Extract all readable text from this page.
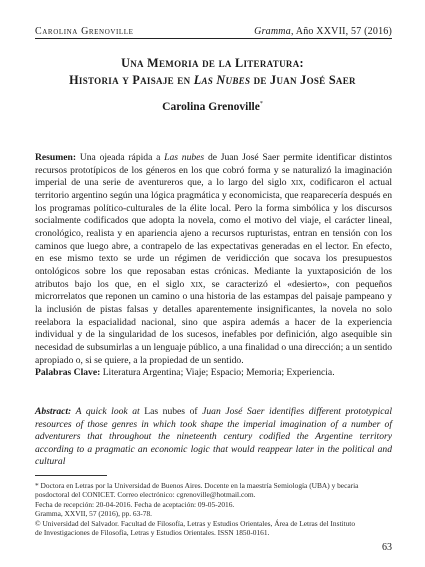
Carolina Grenoville	Gramma, Año XXVII, 57 (2016)
Una Memoria de la Literatura:
Historia y Paisaje en Las Nubes de Juan José Saer
Carolina Grenoville*

Resumen: Una ojeada rápida a Las nubes de Juan José Saer permite identificar distintos recursos prototípicos de los géneros en los que cobró forma y se naturalizó la imaginación imperial de una serie de aventureros que, a lo largo del siglo xix, codificaron el actual territorio argentino según una lógica pragmática y economicista, que reaparecería después en los programas político-culturales de la élite local. Pero la forma simbólica y los discursos socialmente codificados que adopta la novela, como el motivo del viaje, el carácter lineal, cronológico, realista y en apariencia ajeno a recursos rupturistas, entran en tensión con los caminos que luego abre, a contrapelo de las expectativas generadas en el lector. En efecto, en ese mismo texto se urde un régimen de veridicción que socava los presupuestos ontológicos sobre los que reposaban estas crónicas. Mediante la yuxtaposición de los atributos bajo los que, en el siglo xix, se caracterizó el «desierto», con pequeños microrrelatos que reponen un camino o una historia de las estampas del paisaje pampeano y la inclusión de pistas falsas y detalles aparentemente insignificantes, la novela no solo reelabora la espacialidad nacional, sino que aspira además a hacer de la experiencia individual y de la singularidad de los sucesos, inefables por definición, algo asequible sin necesidad de subsumirlas a un lenguaje público, a una finalidad o una dirección; a un sentido apropiado o, si se quiere, a la propiedad de un sentido.

Palabras Clave: Literatura Argentina; Viaje; Espacio; Memoria; Experiencia.

Abstract: A quick look at Las nubes of Juan José Saer identifies different prototypical resources of those genres in which took shape the imperial imagination of a number of adventurers that throughout the nineteenth century codified the Argentine territory according to a pragmatic an economic logic that would reappear later in the political and cultural

* Doctora en Letras por la Universidad de Buenos Aires. Docente en la maestría Semiología (UBA) y becaria
posdoctoral del CONICET. Correo electrónico: cgrenoville@hotmail.com.
Fecha de recepción: 20-04-2016. Fecha de aceptación: 09-05-2016.
Gramma, XXVII, 57 (2016), pp. 63-78.
© Universidad del Salvador. Facultad de Filosofía, Letras y Estudios Orientales, Área de Letras del Instituto
de Investigaciones de Filosofía, Letras y Estudios Orientales. ISSN 1850-0161.
63
